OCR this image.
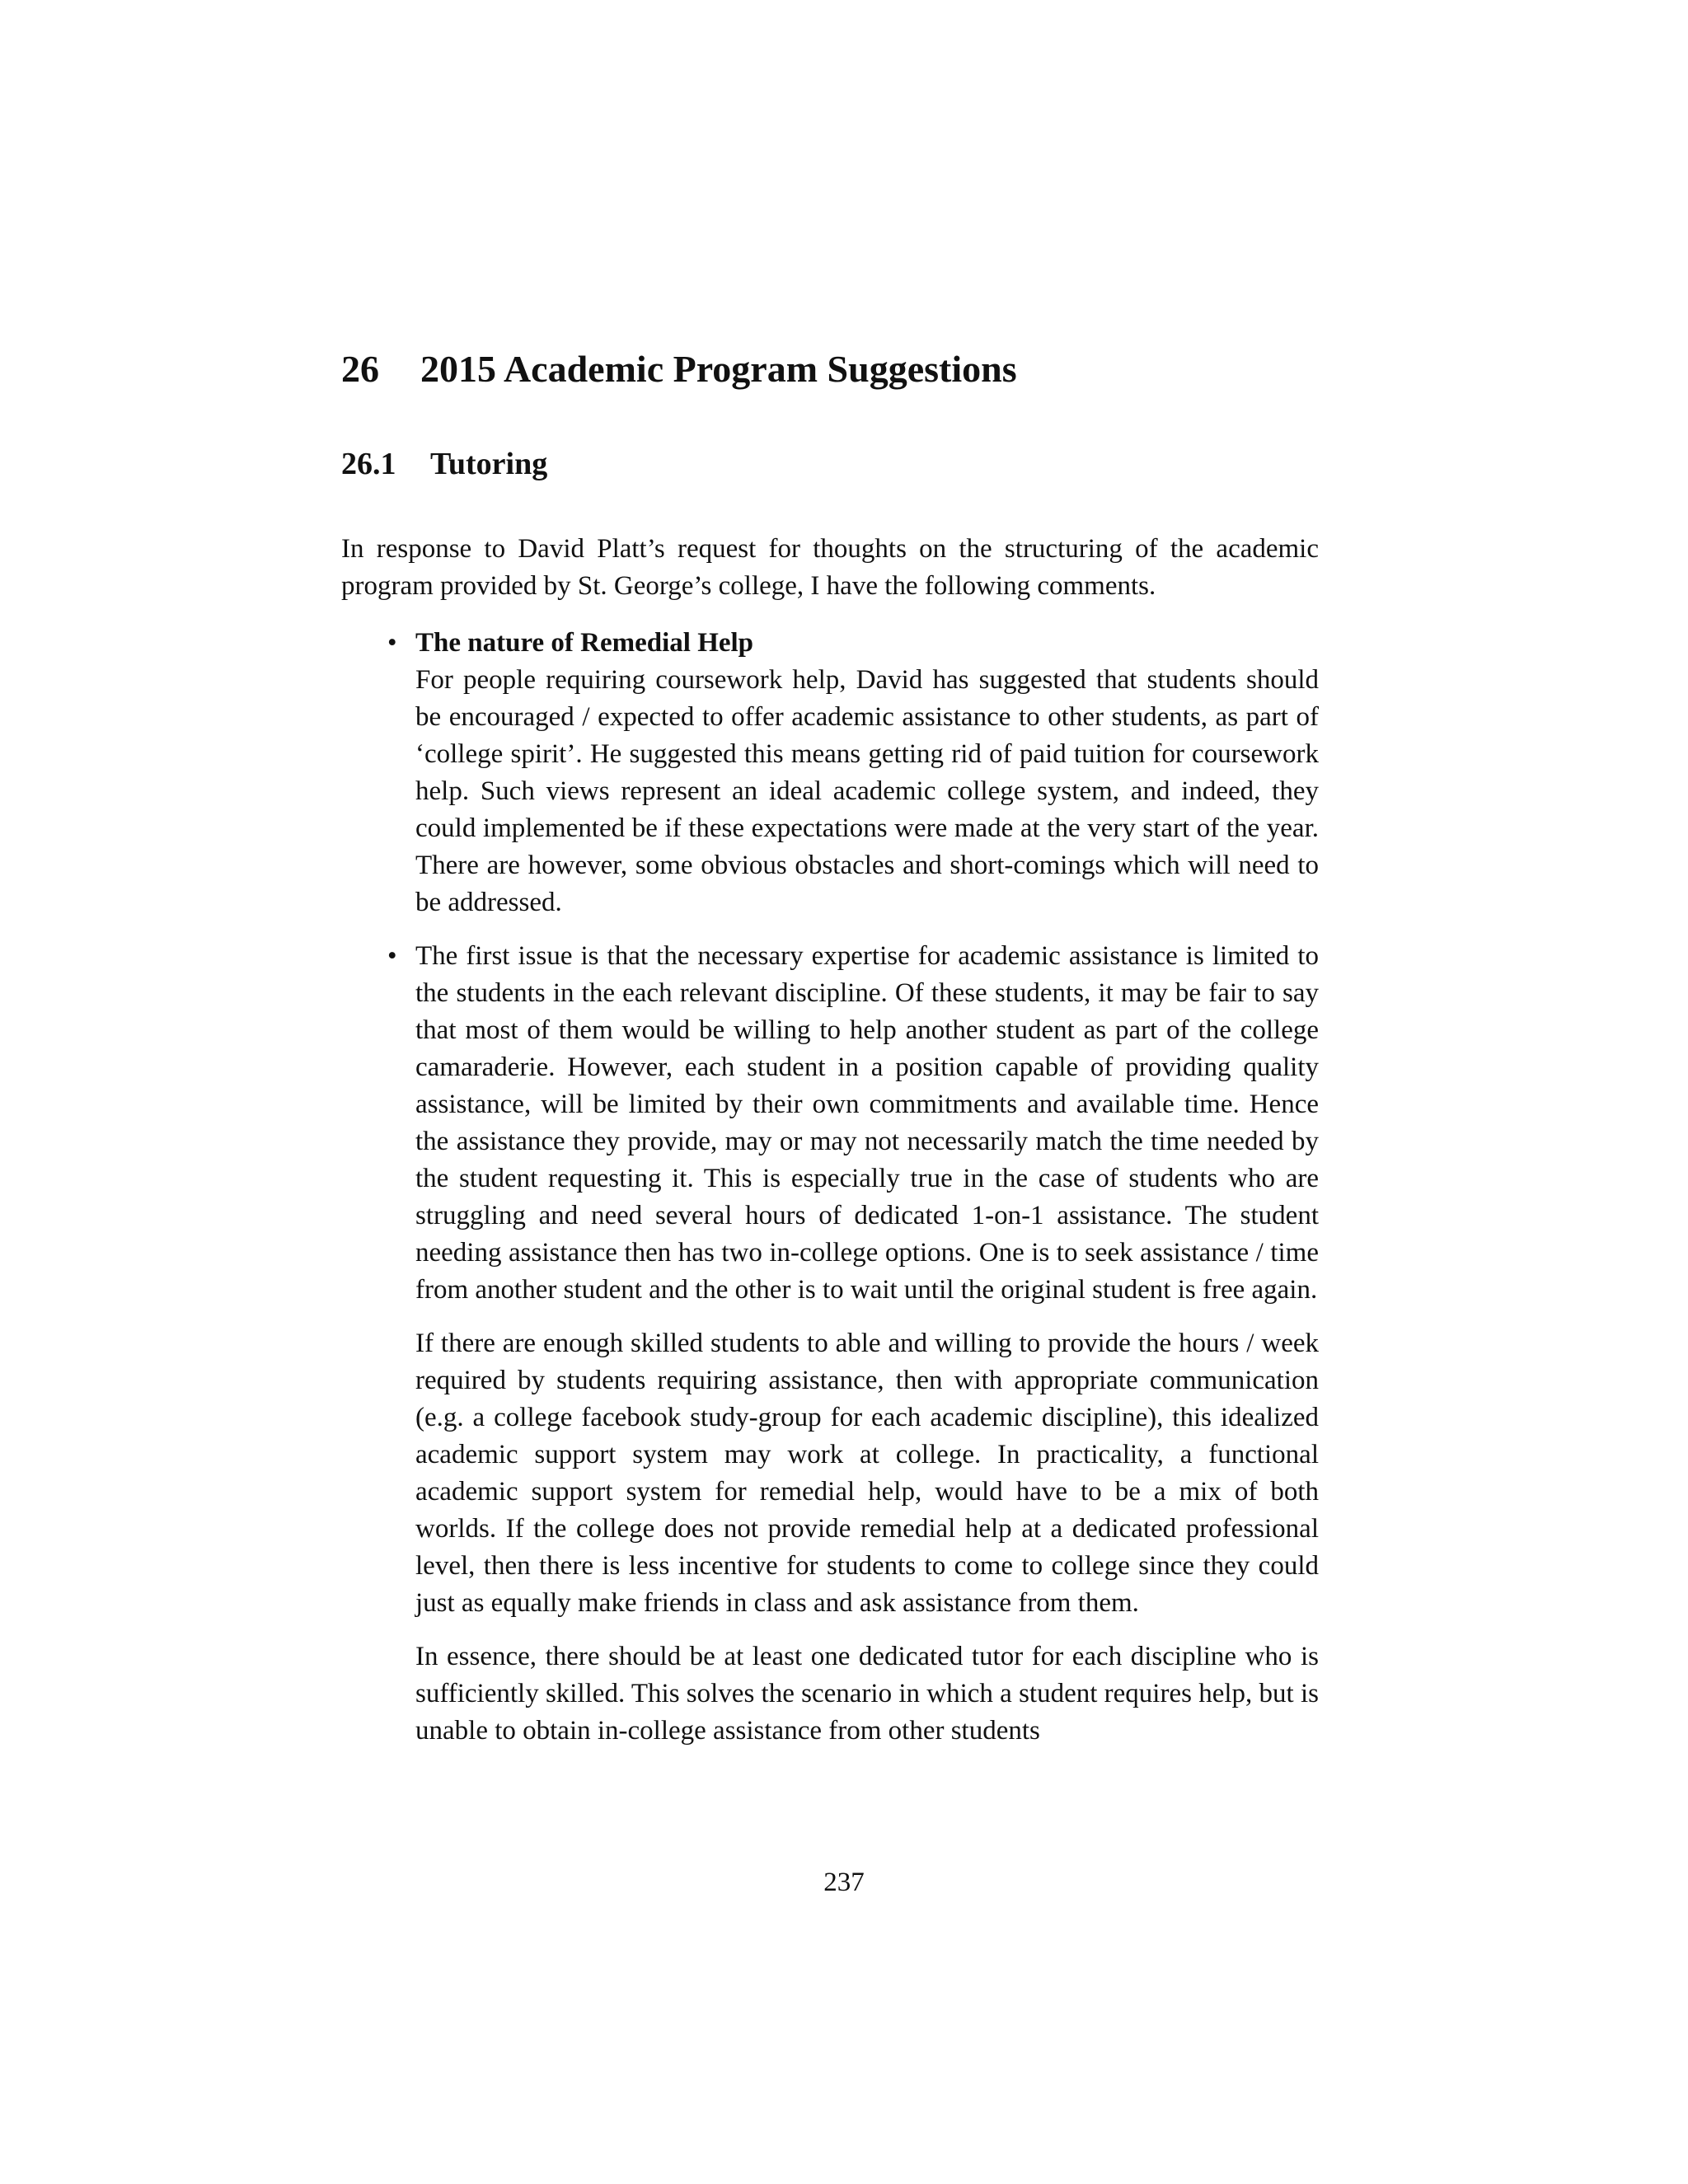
26 2015 Academic Program Suggestions
26.1 Tutoring

In response to David Platt’s request for thoughts on the structuring of the academic program provided by St. George’s college, I have the following comments.

• The nature of Remedial Help
For people requiring coursework help, David has suggested that students should be encouraged / expected to offer academic assistance to other students, as part of ‘college spirit’. He suggested this means getting rid of paid tuition for coursework help. Such views represent an ideal academic college system, and indeed, they could implemented be if these expectations were made at the very start of the year. There are however, some obvious obstacles and short-comings which will need to be addressed.
• The first issue is that the necessary expertise for academic assistance is limited to the students in the each relevant discipline. Of these students, it may be fair to say that most of them would be willing to help another student as part of the college camaraderie. However, each student in a position capable of providing quality assistance, will be limited by their own commitments and available time. Hence the assistance they provide, may or may not necessarily match the time needed by the student requesting it. This is especially true in the case of students who are struggling and need several hours of dedicated 1-on-1 assistance. The student needing assistance then has two in-college options. One is to seek assistance / time from another student and the other is to wait until the original student is free again.

If there are enough skilled students to able and willing to provide the hours / week required by students requiring assistance, then with appropriate communication (e.g. a college facebook study-group for each academic discipline), this idealized academic support system may work at college. In practicality, a functional academic support system for remedial help, would have to be a mix of both worlds. If the college does not provide remedial help at a dedicated professional level, then there is less incentive for students to come to college since they could just as equally make friends in class and ask assistance from them.

In essence, there should be at least one dedicated tutor for each discipline who is sufficiently skilled. This solves the scenario in which a student requires help, but is unable to obtain in-college assistance from other students

237
